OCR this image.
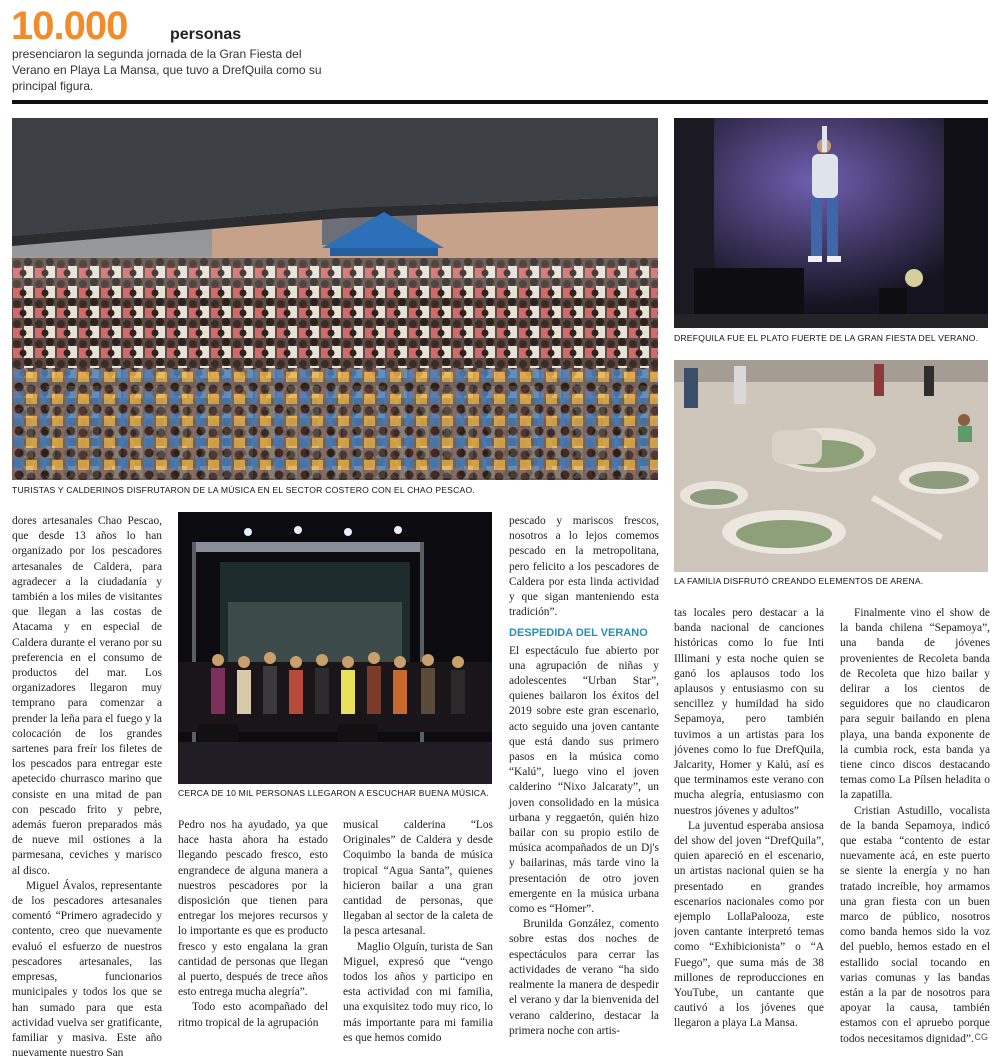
10.000	personas
presenciaron la segunda jornada de la Gran Fiesta del Verano en Playa La Mansa, que tuvo a DrefQuila como su principal figura.
TURISTAS Y CALDERINOS DISFRUTARON DE LA MÚSICA EN EL SECTOR COSTERO CON EL CHAO PESCAO.
DREFQUILA FUE EL PLATO FUERTE DE LA GRAN FIESTA DEL VERANO.
LA FAMILIA DISFRUTÓ CREANDO ELEMENTOS DE ARENA.
CERCA DE 10 MIL PERSONAS LLEGARON A ESCUCHAR BUENA MÚSICA.

dores artesanales Chao Pescao, que desde 13 años lo han organizado por los pescadores artesanales de Caldera, para agradecer a la ciudadanía y también a los miles de visitantes que llegan a las costas de Atacama y en especial de Caldera durante el verano por su preferencia en el consumo de productos del mar. Los organizadores llegaron muy temprano para comenzar a prender la leña para el fuego y la colocación de los grandes sartenes para freír los filetes de los pescados para entregar este apetecido churrasco marino que consiste en una mitad de pan con pescado frito y pebre, además fueron preparados más de nueve mil ostiones a la parmesana, ceviches y marisco al disco.

Miguel Ávalos, representante de los pescadores artesanales comentó “Primero agradecido y contento, creo que nuevamente evaluó el esfuerzo de nuestros pescadores artesanales, las empresas, funcionarios municipales y todos los que se han sumado para que esta actividad vuelva ser gratificante, familiar y masiva. Este año nuevamente nuestro San

Pedro nos ha ayudado, ya que hace hasta ahora ha estado llegando pescado fresco, esto engrandece de alguna manera a nuestros pescadores por la disposición que tienen para entregar los mejores recursos y lo importante es que es producto fresco y esto engalana la gran cantidad de personas que llegan al puerto, después de trece años esto entrega mucha alegría”.

Todo esto acompañado del ritmo tropical de la agrupación

musical calderina “Los Originales” de Caldera y desde Coquimbo la banda de música tropical “Agua Santa”, quienes hicieron bailar a una gran cantidad de personas, que llegaban al sector de la caleta de la pesca artesanal.

Maglio Olguín, turista de San Miguel, expresó que “vengo todos los años y participo en esta actividad con mi familia, una exquisitez todo muy rico, lo más importante para mi familia es que hemos comido

pescado y mariscos frescos, nosotros a lo lejos comemos pescado en la metropolitana, pero felicito a los pescadores de Caldera por esta linda actividad y que sigan manteniendo esta tradición”.

DESPEDIDA DEL VERANO

El espectáculo fue abierto por una agrupación de niñas y adolescentes “Urban Star”, quienes bailaron los éxitos del 2019 sobre este gran escenario, acto seguido una joven cantante que está dando sus primero pasos en la música como “Kalú”, luego vino el joven calderino “Nixo Jalcaraty”, un joven consolidado en la música urbana y reggaetón, quién hizo bailar con su propio estilo de música acompañados de un Dj's y bailarinas, más tarde vino la presentación de otro joven emergente en la música urbana como es “Homer”.

Brunilda González, comento sobre estas dos noches de espectáculos para cerrar las actividades de verano “ha sido realmente la manera de despedir el verano y dar la bienvenida del verano calderino, destacar la primera noche con artis-

tas locales pero destacar a la banda nacional de canciones históricas como lo fue Inti Illimani y esta noche quien se ganó los aplausos todo los aplausos y entusiasmo con su sencillez y humildad ha sido Sepamoya, pero también tuvimos a un artistas para los jóvenes como lo fue DrefQuila, Jalcarity, Homer y Kalú, así es que terminamos este verano con mucha alegría, entusiasmo con nuestros jóvenes y adultos”

La juventud esperaba ansiosa del show del joven “DrefQuila”, quien apareció en el escenario, un artistas nacional quien se ha presentado en grandes escenarios nacionales como por ejemplo LollaPalooza, este joven cantante interpretó temas como “Exhibicionista” o “A Fuego”, que suma más de 38 millones de reproducciones en YouTube, un cantante que cautivó a los jóvenes que llegaron a playa La Mansa.

Finalmente vino el show de la banda chilena “Sepamoya”, una banda de jóvenes provenientes de Recoleta banda de Recoleta que hizo bailar y delirar a los cientos de seguidores que no claudicaron para seguir bailando en plena playa, una banda exponente de la cumbia rock, esta banda ya tiene cinco discos destacando temas como La Pílsen heladita o la zapatilla.

Cristian Astudillo, vocalista de la banda Sepamoya, indicó que estaba “contento de estar nuevamente acá, en este puerto se siente la energía y no han tratado increíble, hoy armamos una gran fiesta con un buen marco de público, nosotros como banda hemos sido la voz del pueblo, hemos estado en el estallido social tocando en varias comunas y las bandas están a la par de nosotros para apoyar la causa, también estamos con el apruebo porque todos necesitamos dignidad”. CG
